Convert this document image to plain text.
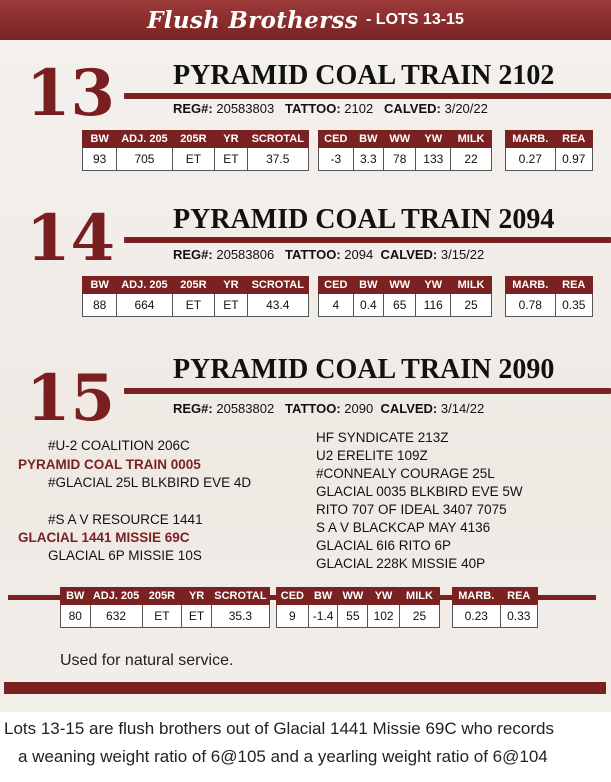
Flush Brotherss - LOTS 13-15
13 PYRAMID COAL TRAIN 2102
REG#: 20583803 TATTOO: 2102 CALVED: 3/20/22
BW	ADJ. 205	205R	YR	SCROTAL
93	705	ET	ET	37.5
CED	BW	WW	YW	MILK
-3	3.3	78	133	22
MARB.	REA
0.27	0.97
14 PYRAMID COAL TRAIN 2094
REG#: 20583806 TATTOO: 2094 CALVED: 3/15/22
BW	ADJ. 205	205R	YR	SCROTAL
88	664	ET	ET	43.4
CED	BW	WW	YW	MILK
4	0.4	65	116	25
MARB.	REA
0.78	0.35
15 PYRAMID COAL TRAIN 2090
REG#: 20583802 TATTOO: 2090 CALVED: 3/14/22
#U-2 COALITION 206C
PYRAMID COAL TRAIN 0005
#GLACIAL 25L BLKBIRD EVE 4D
#S A V RESOURCE 1441
GLACIAL 1441 MISSIE 69C
GLACIAL 6P MISSIE 10S
HF SYNDICATE 213Z
U2 ERELITE 109Z
#CONNEALY COURAGE 25L
GLACIAL 0035 BLKBIRD EVE 5W
RITO 707 OF IDEAL 3407 7075
S A V BLACKCAP MAY 4136
GLACIAL 6I6 RITO 6P
GLACIAL 228K MISSIE 40P
BW	ADJ. 205	205R	YR	SCROTAL
80	632	ET	ET	35.3
CED	BW	WW	YW	MILK
9	-1.4	55	102	25
MARB.	REA
0.23	0.33
Used for natural service.

Lots 13-15 are flush brothers out of Glacial 1441 Missie 69C who records

a weaning weight ratio of 6@105 and a yearling weight ratio of 6@104
